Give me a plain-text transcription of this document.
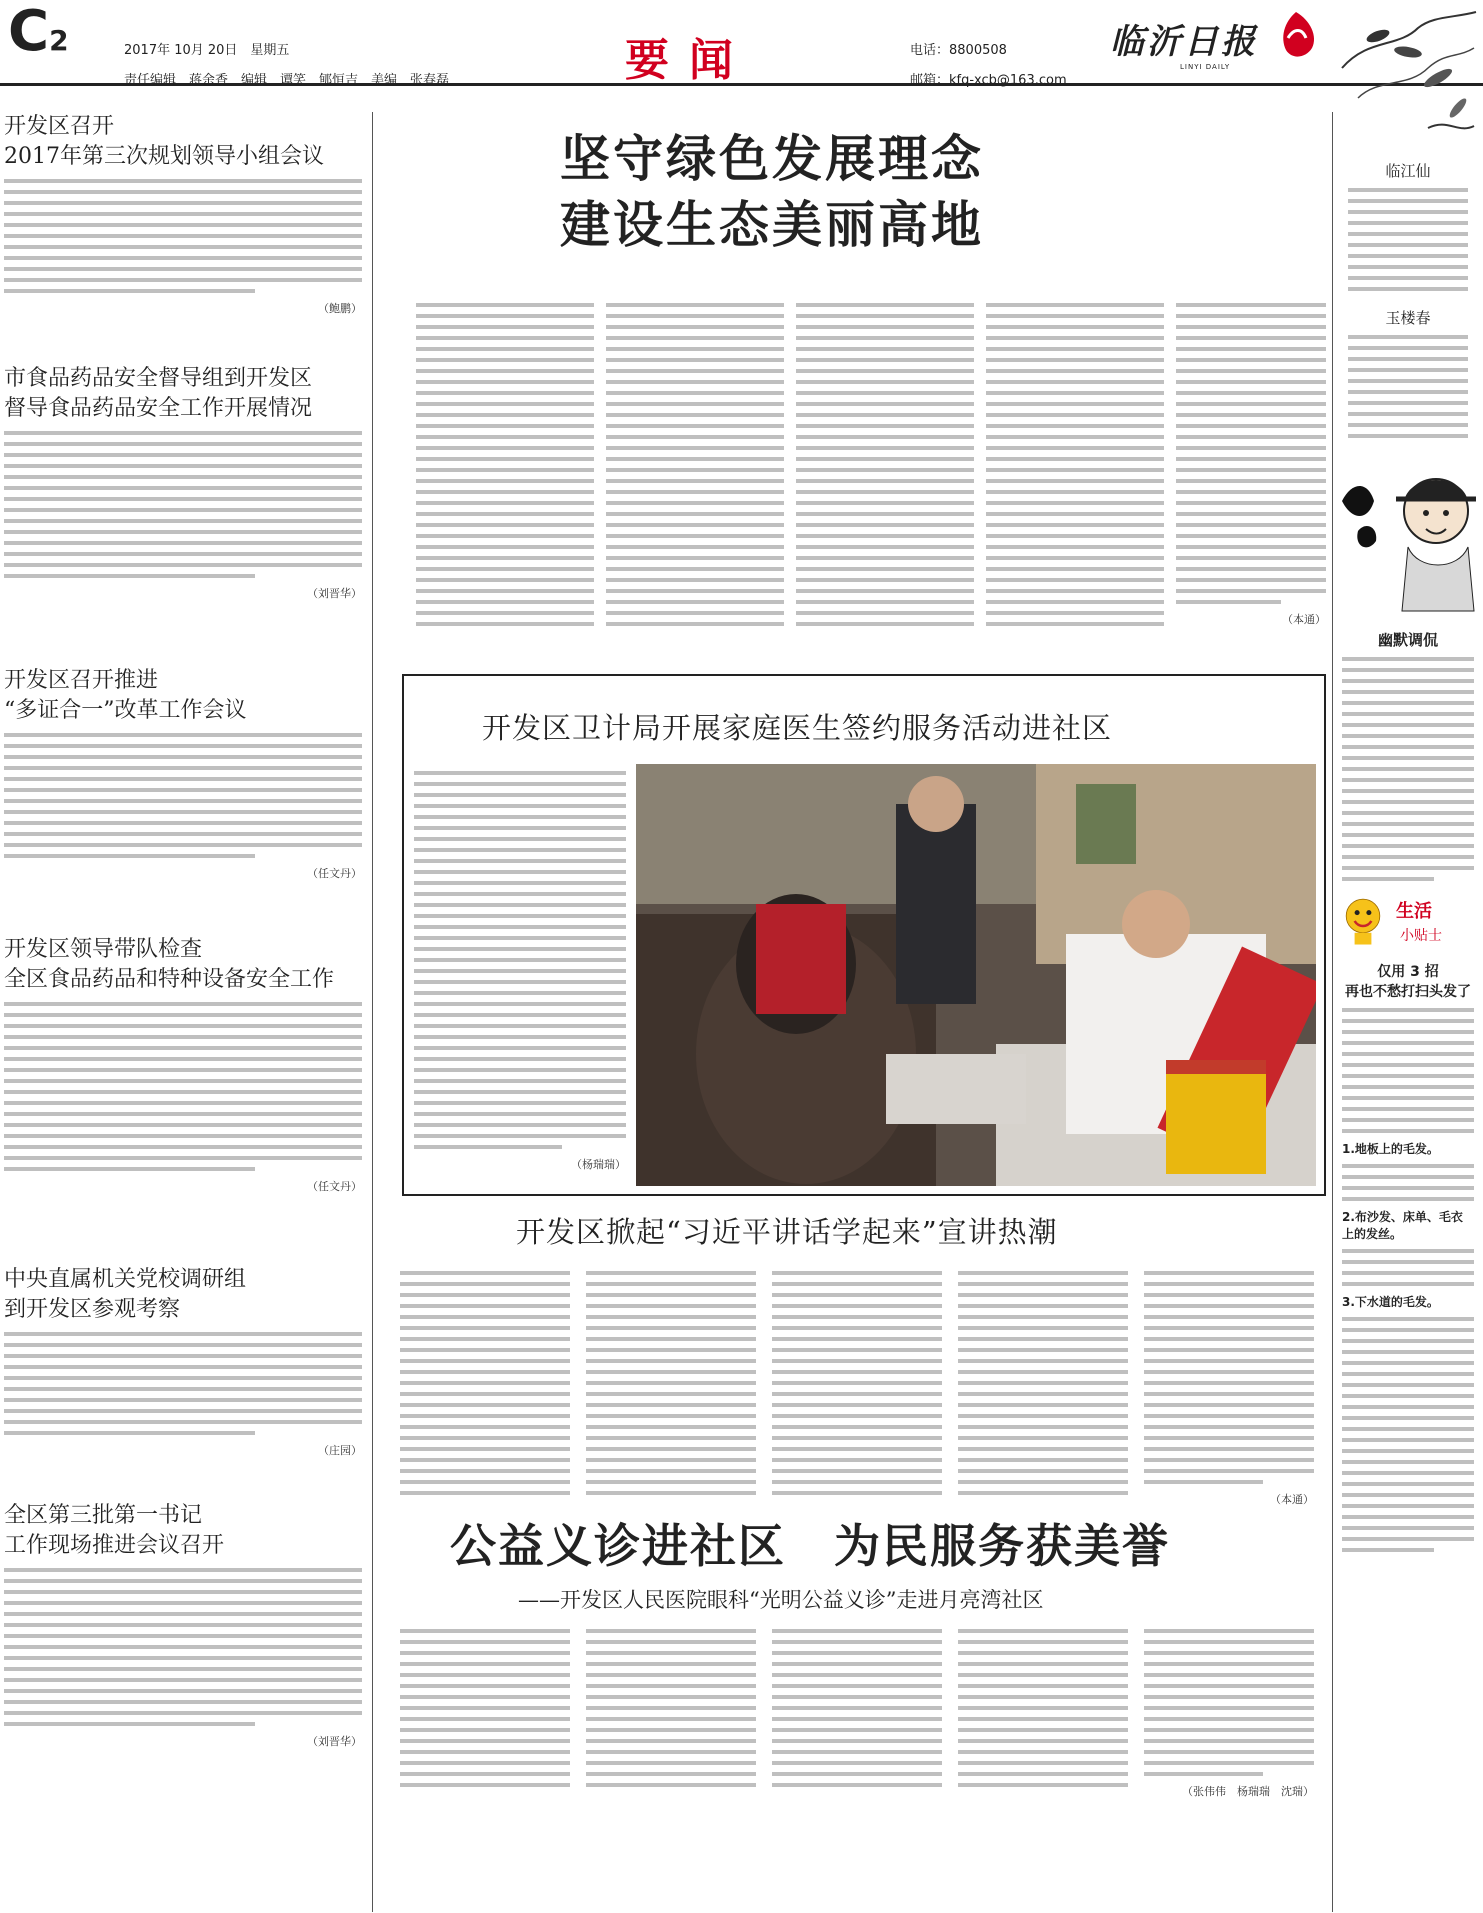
C2	2017年 10月 20日　星期五
责任编辑　蒋余香　编辑　谭笑　郇恒吉　美编　张春磊	要闻	电话：8800508
邮箱：kfq-xcb@163.com
临沂日报
LINYI DAILY
坚守绿色发展理念
建设生态美丽高地
开发区召开
2017年第三次规划领导小组会议
（鲍鹏）
市食品药品安全督导组到开发区
督导食品药品安全工作开展情况
（刘晋华）
开发区召开推进
“多证合一”改革工作会议
（任文丹）
开发区领导带队检查
全区食品药品和特种设备安全工作
（任文丹）
中央直属机关党校调研组
到开发区参观考察
（庄园）
全区第三批第一书记
工作现场推进会议召开
（刘晋华）
（本通）
开发区卫计局开展家庭医生签约服务活动进社区
（杨瑞瑞）
开发区掀起“习近平讲话学起来”宣讲热潮
（本通）
公益义诊进社区　为民服务获美誉
——开发区人民医院眼科“光明公益义诊”走进月亮湾社区
（张伟伟　杨瑞瑞　沈瑞）
临江仙
玉楼春
幽默调侃
生活
小贴士
仅用 3 招
再也不愁打扫头发了
1.地板上的毛发。
2.布沙发、床单、毛衣上的发丝。
3.下水道的毛发。
